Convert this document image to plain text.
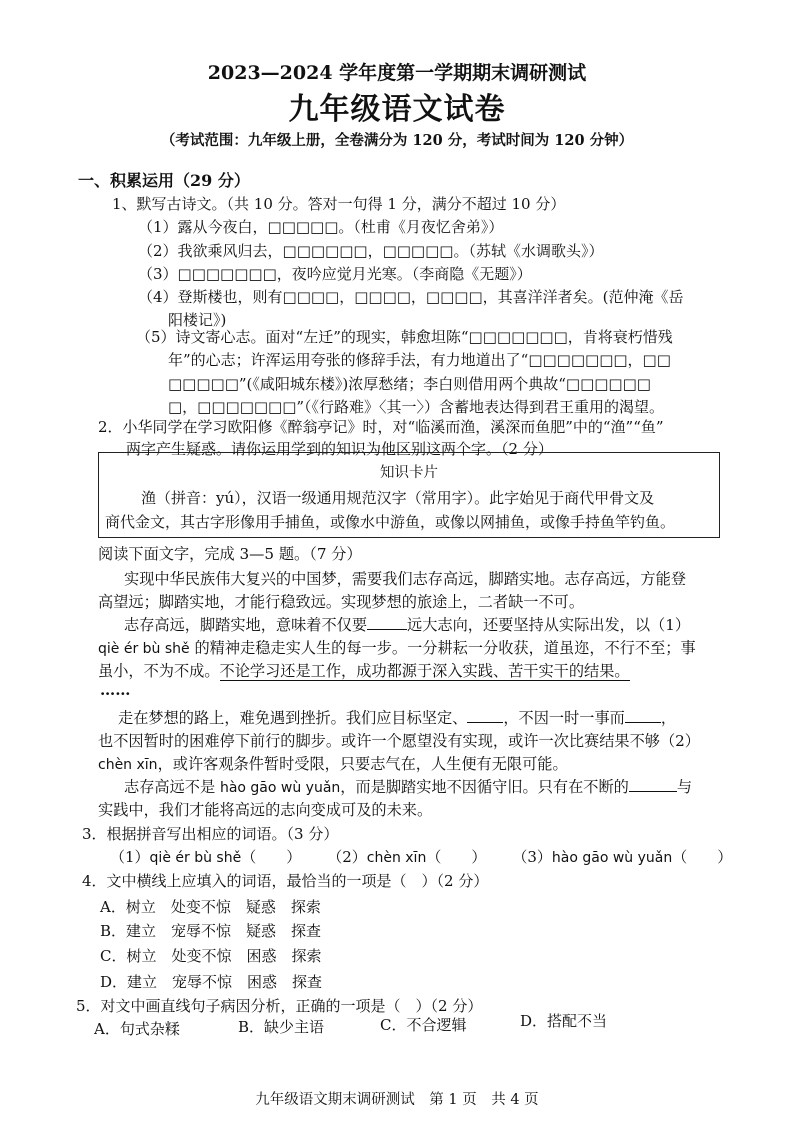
2023—2024 学年度第一学期期末调研测试
九年级语文试卷
（考试范围：九年级上册，全卷满分为 120 分，考试时间为 120 分钟）
一、积累运用（29 分）
1、默写古诗文。（共 10 分。答对一句得 1 分，满分不超过 10 分）
（1）露从今夜白，□□□□□。（杜甫《月夜忆舍弟》）
（2）我欲乘风归去，□□□□□□，□□□□□。（苏轼《水调歌头》）
（3）□□□□□□□，夜吟应觉月光寒。（李商隐《无题》）
（4）登斯楼也，则有□□□□，□□□□，□□□□，其喜洋洋者矣。(范仲淹《岳
阳楼记》)
（5）诗文寄心志。面对“左迁”的现实，韩愈坦陈“□□□□□□□，肯将衰朽惜残
年”的心志；许浑运用夸张的修辞手法，有力地道出了“□□□□□□□，□□
□□□□□”(《咸阳城东楼》)浓厚愁绪；李白则借用两个典故“□□□□□□
□，□□□□□□□”（《行路难》〈其一〉）含蓄地表达得到君王重用的渴望。
2．小华同学在学习欧阳修《醉翁亭记》时，对“临溪而渔，溪深而鱼肥”中的“渔”“鱼”
两字产生疑惑。请你运用学到的知识为他区别这两个字。（2 分）
知识卡片
渔（拼音：yú），汉语一级通用规范汉字（常用字）。此字始见于商代甲骨文及
商代金文，其古字形像用手捕鱼，或像水中游鱼，或像以网捕鱼，或像手持鱼竿钓鱼。
阅读下面文字，完成 3—5 题。（7 分）
实现中华民族伟大复兴的中国梦，需要我们志存高远，脚踏实地。志存高远，方能登
高望远；脚踏实地，才能行稳致远。实现梦想的旅途上，二者缺一不可。
志存高远，脚踏实地，意味着不仅要	远大志向，还要坚持从实际出发，以（1）
qiè ér bù shě 的精神走稳走实人生的每一步。一分耕耘一分收获，道虽迩，不行不至；事
虽小，不为不成。不论学习还是工作，成功都源于深入实践、苦干实干的结果。
……
走在梦想的路上，难免遇到挫折。我们应目标坚定、 ，不因一时一事而 ，
也不因暂时的困难停下前行的脚步。或许一个愿望没有实现，或许一次比赛结果不够（2）
chèn xīn，或许客观条件暂时受限，只要志气在，人生便有无限可能。
志存高远不是 hào gāo wù yuǎn，而是脚踏实地不因循守旧。只有在不断的	与
实践中，我们才能将高远的志向变成可及的未来。
3．根据拼音写出相应的词语。（3 分）
（1）qiè ér bù shě（　　） （2）chèn xīn（　　） （3）hào gāo wù yuǎn（　　）
4．文中横线上应填入的词语，最恰当的一项是（　）（2 分）
A．树立　处变不惊　疑惑　探索
B．建立　宠辱不惊　疑惑　探查
C．树立　处变不惊　困惑　探索
D．建立　宠辱不惊　困惑　探查
5．对文中画直线句子病因分析，正确的一项是（　）（2 分）
A．句式杂糅	B．缺少主语	C．不合逻辑	D．搭配不当
九年级语文期末调研测试　第 1 页　共 4 页
